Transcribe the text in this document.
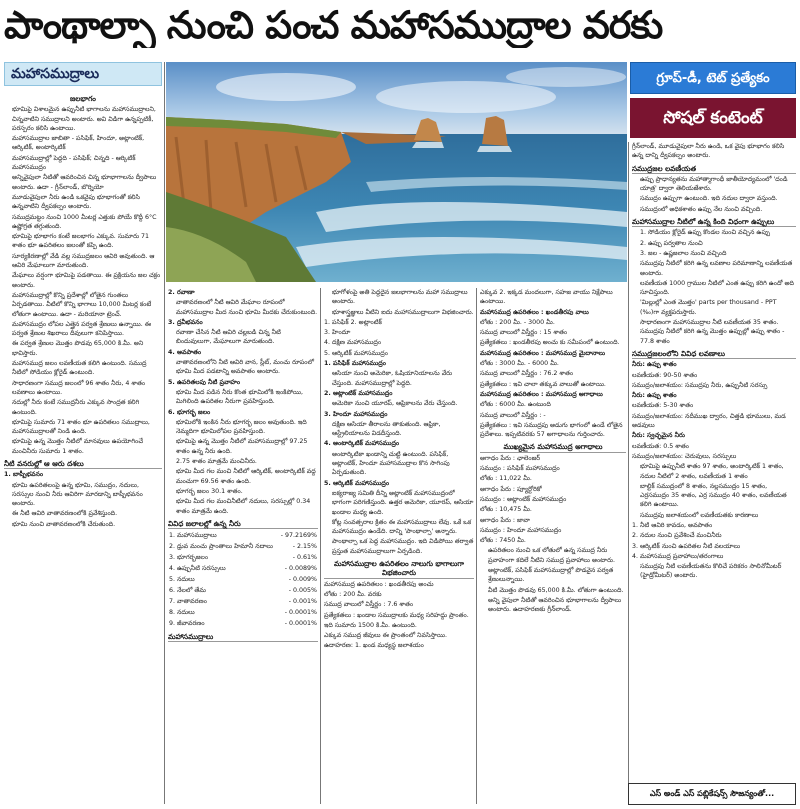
పాంథాల్సా నుంచి పంచ మహాసముద్రాల వరకు
మహాసముద్రాలు	గ్రూప్-డీ, టెట్ ప్రత్యేకం
సోషల్ కంటెంట్
జలభాగం
• భూమిపై విశాలమైన ఉప్పునీటి భాగాలను మహాసముద్రాలని, చిన్నవాటిని సముద్రాలని అంటారు. అవి విడిగా ఉన్నప్పటికీ, పరస్పరం కలిసి ఉంటాయి.
• మహాసముద్రాల జాబితా - పసిఫిక్, హిందూ, అట్లాంటిక్, ఆర్కిటిక్, అంటార్కిటిక్
• మహాసముద్రాల్లో పెద్దది - పసిఫిక్; చిన్నది - ఆర్కిటిక్ మహాసముద్రం
• అన్నివైపులా నీటితో ఆవరించిన చిన్న భూభాగాలను ద్వీపాలు అంటారు. ఉదా - గ్రీన్‌లాండ్, బొర్నియో
• మూడువైపులా నీరు ఉండి ఒకవైపు భూభాగంతో కలిసి ఉన్నవాటిని ద్వీపకల్పం అంటారు.
• సముద్రమట్టం నుంచి 1000 మీటర్ల ఎత్తుకు పోయే కొద్దీ 6°C ఉష్ణోగ్రత తగ్గుతుంది.
• భూమిపై భూభాగం కంటే జలభాగం ఎక్కువ. సుమారు 71 శాతం భూ ఉపరితలం జలంతో కప్పి ఉంది.
• సూర్యకిరణాల్లో వేడి వల్ల సముద్రజలం ఆవిరి అవుతుంది. ఆ ఆవిరి మేఘాలుగా మారుతుంది.
• మేఘాలు వర్షంగా భూమిపై పడతాయి. ఈ ప్రక్రియను జల చక్రం అంటారు.
• మహాసముద్రాల్లో కొన్ని ప్రదేశాల్లో లోతైన గుంతలు ఏర్పడతాయి. వీటిలో కొన్ని భాగాలు 10,000 మీటర్ల కంటే లోతుగా ఉంటాయి. ఉదా - మరియానా ట్రెంచ్.
• మహాసముద్రం లోపల ఎత్తైన పర్వత శ్రేణులు ఉన్నాయి. ఈ పర్వత శ్రేణుల శిఖరాలు దీవులుగా కనిపిస్తాయి.
• ఈ పర్వత శ్రేణుల మొత్తం పొడవు 65,000 కి.మీ. అని భావిస్తారు.
• మహాసముద్ర జలం లవణీయత కలిగి ఉంటుంది. సముద్ర నీటిలో సోడియం క్లోరైడ్ ఉంటుంది.
• సాధారణంగా సముద్ర జలంలో 96 శాతం నీరు, 4 శాతం లవణాలు ఉంటాయి.
• నదుల్లో నీరు కంటే సముద్రనీరు ఎక్కువ సాంద్రత కలిగి ఉంటుంది.
• భూమిపై సుమారు 71 శాతం భూ ఉపరితలం సముద్రాలు, మహాసముద్రాలతో నిండి ఉంది.
• భూమిపై ఉన్న మొత్తం నీటిలో మానవులు ఉపయోగించే మంచినీరు సుమారు 1 శాతం.
నీటి వనరుల్లో ఆ ఆరు దశలు

1. బాష్పీభవనం

• భూమి ఉపరితలంపై ఉన్న భూమి, సముద్రం, నదులు, సరస్సుల నుంచి నీరు ఆవిరిగా మారడాన్ని బాష్పీభవనం అంటారు.
• ఈ నీటి ఆవిరి వాతావరణంలోకి ప్రవేశిస్తుంది.
• భూమి నుంచి వాతావరణంలోకి చేరుతుంది.

2. రవాణా

• వాతావరణంలో నీటి ఆవిరి మేఘాల రూపంలో మహాసముద్రాల మీద నుంచి భూమి మీదకు చేరుకుంటుంది.

3. ద్రవీభవనం

• రవాణా చేసిన నీటి ఆవిరి చల్లబడి చిన్న నీటి బిందువులుగా, మేఘాలుగా మారుతుంది.

4. అవపాతం

• వాతావరణంలోని నీటి ఆవిరి వాన, స్లీట్, మంచు రూపంలో భూమి మీద పడటాన్ని అవపాతం అంటారు.

5. ఉపరితలపు నీటి ప్రవాహం

• భూమి మీద పడిన నీరు కొంత భూమిలోకి ఇంకిపోయి, మిగిలింది ఉపరితల నీరుగా ప్రవహిస్తుంది.

6. భూగర్భ జలం

• భూమిలోకి ఇంకిన నీరు భూగర్భ జలం అవుతుంది. ఇది నెమ్మదిగా భూమిలోపల ప్రవహిస్తుంది.
• భూమిపై ఉన్న మొత్తం నీటిలో మహాసముద్రాల్లో 97.25 శాతం ఉన్న నీరు ఉంది.
• 2.75 శాతం మాత్రమే మంచినీరు.
• భూమి మీద గల మంచి నీటిలో ఆర్కిటిక్, అంటార్కిటిక్ వద్ద మంచుగా 69.56 శాతం ఉంది.
• భూగర్భ జలం 30.1 శాతం.
• భూమి మీద గల మంచినీటిలో నదులు, సరస్సుల్లో 0.34 శాతం మాత్రమే ఉంది.
వివిధ జలాలల్లో ఉన్న నీరు
1. మహాసముద్రాలు	- 97.2169%
2. ధ్రువ మంచు ప్రాంతాలు హిమానీ నదాలు	- 2.15%
3. భూగర్భజలం	- 0.61%
4. ఉప్పునీటి సరస్సులు	- 0.0089%
5. నదులు	- 0.009%
6. నేలలో తేమ	- 0.005%
7. వాతావరణం	- 0.001%
8. నదులు	- 0.0001%
9. జీవావరణం	- 0.0001%
మహాసముద్రాలు
• భూగోళంపై అతి పెద్దదైన జలభాగాలను మహా సముద్రాలు అంటారు.
• భూశాస్త్రజ్ఞులు వీటిని ఐదు మహాసముద్రాలుగా విభజించారు.

1. పసిఫిక్ 2. అట్లాంటిక్

3. హిందూ

4. దక్షిణ మహాసముద్రం

5. ఆర్కిటిక్ మహాసముద్రం

1. పసిఫిక్ మహాసముద్రం

• ఆసియా నుంచి అమెరికా, ఓషియానియాలను వేరు చేస్తుంది. మహాసముద్రాల్లో పెద్దది.

2. అట్లాంటిక్ మహాసముద్రం

• అమెరికా నుంచి యూరప్, ఆఫ్రికాలను వేరు చేస్తుంది.

3. హిందూ మహాసముద్రం

• దక్షిణ ఆసియా తీరాలను తాకుతుంది. ఆఫ్రికా, ఆస్ట్రేలియాలను విడదీస్తుంది.

4. అంటార్కిటిక్ మహాసముద్రం

• అంటార్కిటికా ఖండాన్ని చుట్టి ఉంటుంది. పసిఫిక్, అట్లాంటిక్, హిందూ మహాసముద్రాల కొన సాగింపు ఏర్పడుతుంది.

5. ఆర్కిటిక్ మహాసముద్రం

• ఐక్యరాజ్య సమితి దీన్ని అట్లాంటిక్ మహాసముద్రంలో భాగంగా పరిగణిస్తుంది. ఉత్తర అమెరికా, యూరప్, ఆసియా ఖండాల మధ్య ఉంది.
• కోట్ల సంవత్సరాల క్రితం ఈ మహాసముద్రాలు లేవు. ఒకే ఒక మహాసముద్రం ఉండేది. దాన్ని 'పాంథాల్సా' అన్నారు.
• పాంథాల్సా ఒక పెద్ద మహాసముద్రం. ఇది విడిపోయి తర్వాత ప్రస్తుత మహాసముద్రాలుగా ఏర్పడింది.
మహాసముద్రాల ఉపరితలం నాలుగు భాగాలుగా విభజించారు

మహాసముద్ర ఉపరితలం : ఖండతీరపు అంచు

లోతు : 200 మీ. వరకు

సముద్ర వాలులో విస్తీర్ణం : 7.6 శాతం

ప్రత్యేకతలు : ఖండాల సముద్రాలకు మధ్య సరిహద్దు ప్రాంతం.

ఇది సుమారు 1500 కి.మీ. ఉంటుంది.

ఎక్కువ సముద్ర జీవులు ఈ ప్రాంతంలో నివసిస్తాయి.

ఉదాహరణ: 1. ఖండ మధ్యస్థ జలాశయం

ఎక్కువ 2. ఇక్కడ మందలుగా, సహజ వాయు నిక్షేపాలు ఉంటాయి.

మహాసముద్ర ఉపరితలం : ఖండతీరపు వాలు

లోతు : 200 మీ. - 3000 మీ.

సముద్ర వాలులో విస్తీర్ణం : 15 శాతం

ప్రత్యేకతలు : ఖండతీరపు అంచు కు సమీపంలో ఉంటుంది.

మహాసముద్ర ఉపరితలం : మహాసముద్ర మైదానాలు

లోతు : 3000 మీ. - 6000 మీ.

సముద్ర వాలులో విస్తీర్ణం : 76.2 శాతం

ప్రత్యేకతలు : ఇవి చాలా తక్కువ వాలుతో ఉంటాయి.

మహాసముద్ర ఉపరితలం : మహాసముద్ర అగాధాలు

లోతు : 6000 మీ. ఉంటుంది

సముద్ర వాలులో విస్తీర్ణం : -

ప్రత్యేకతలు : ఇవి సముద్రపు అడుగు భాగంలో ఉండే లోతైన ప్రదేశాలు. ఇప్పటివరకు 57 అగాధాలను గుర్తించారు.

ముఖ్యమైన మహాసముద్ర అగాధాలు

అగాధం పేరు : ఛాలెంజర్

సముద్రం : పసిఫిక్ మహాసముద్రం

లోతు : 11,022 మీ.

అగాధం పేరు : ప్యూర్టోరికో

సముద్రం : అట్లాంటిక్ మహాసముద్రం

లోతు : 10,475 మీ.

అగాధం పేరు : జావా

సముద్రం : హిందూ మహాసముద్రం

లోతు : 7450 మీ.

• ఉపరితలం నుంచి ఒక లోతులో ఉన్న సముద్ర నీరు ప్రవాహంగా కదిలే నీటిని సముద్ర ప్రవాహాలు అంటారు.
• అట్లాంటిక్, పసిఫిక్ మహాసముద్రాల్లో పొడవైన పర్వత శ్రేణులున్నాయి.
• వీటి మొత్తం పొడవు 65,000 కి.మీ. లోతుగా ఉంటుంది.
• అన్ని వైపులా నీటితో ఆవరించిన భూభాగాలను ద్వీపాలు అంటారు. ఉదాహరణకు గ్రీన్‌లాండ్.

గ్రీన్‌లాండ్, మూడువైపులా నీరు ఉండి, ఒక వైపు భూభాగం కలిసి ఉన్న దాన్ని ద్వీపకల్పం అంటారు.

సముద్రజల లవణీయత
• ఉప్పు ప్రాధాన్యతను మహాత్మాగాంధీ జాతీయోద్యమంలో 'దండి యాత్ర' ద్వారా తెలియజేశారు.
• సముద్రం ఉప్పుగా ఉంటుంది. ఇది నదుల ద్వారా వస్తుంది.
• సముద్రంలో అధికశాతం ఉప్పు నేల నుంచి వచ్చింది.
మహాసముద్రాల నీటిలో ఉన్న కింది విధంగా ఉప్పులు
• 1. సోడియం క్లోరైడ్ ఉప్పు కొండల నుంచి వచ్చిన ఉప్పు
• 2. ఉప్పు పర్వతాల నుంచి
• 3. జల - ఉష్ణజలాల నుంచి వచ్చింది
• సముద్రపు నీటిలో కరిగి ఉన్న లవణాల పరిమాణాన్ని లవణీయత అంటారు.
• లవణీయత 1000 గ్రాముల నీటిలో ఎంత ఉప్పు కరిగి ఉందో అది సూచిస్తుంది.
• 'మిల్లుల్లో ఎంత మొత్తం' parts per thousand - PPT (‰)గా వ్యక్తపరుస్తారు.
• సాధారణంగా మహాసముద్రాల నీటి లవణీయత 35 శాతం. సముద్రపు నీటిలో కరిగి ఉన్న మొత్తం ఉప్పుల్లో ఉప్పు శాతం - 77.8 శాతం
సముద్రజలంలోని వివిధ లవణాలు

నీరు: ఉప్పు శాతం

లవణీయత: 90-50 శాతం

సముద్రం/జలాశయం: సముద్రపు నీరు, ఉప్పునీటి సరస్సు

నీరు: ఉప్పు శాతం

లవణీయత: 5-30 శాతం

సముద్రం/జలాశయం: నదీముఖ ద్వారం, చిత్తడి భూములు, మడ అడవులు

నీరు: స్వచ్ఛమైన నీరు

లవణీయత: 0.5 శాతం

సముద్రం/జలాశయం: చెరువులు, సరస్సులు

• భూమిపై ఉప్పునీటి శాతం 97 శాతం, అంటార్కిటిక్ 1 శాతం, నదుల నీటిలో 2 శాతం, లవణీయత 1 శాతం
• బాల్టిక్ సముద్రంలో 8 శాతం, నల్లసముద్రం 15 శాతం, ఎర్రసముద్రం 35 శాతం, ఎర్ర సముద్రం 40 శాతం, లవణీయత కలిగి ఉంటాయి.
• సముద్రపు జలాశయంలో లవణీయతకు కారణాలు

1. నీటి ఆవిరి కావడం, అవపాతం

2. నదుల నుంచి ప్రవేశించే మంచినీరు

3. ఆర్కిటిక్ నుంచి ఉపరితల నీటి వలయాలు

4. మహాసముద్ర ప్రవాహాలు/తరంగాలు

• సముద్రపు నీటి లవణీయతను కొలిచే పరికరం సాలినోమీటర్ (హైడ్రోమీటర్) అంటారు.
ఎస్ అండ్ ఎస్ పబ్లికేషన్స్ సౌజన్యంతో...
